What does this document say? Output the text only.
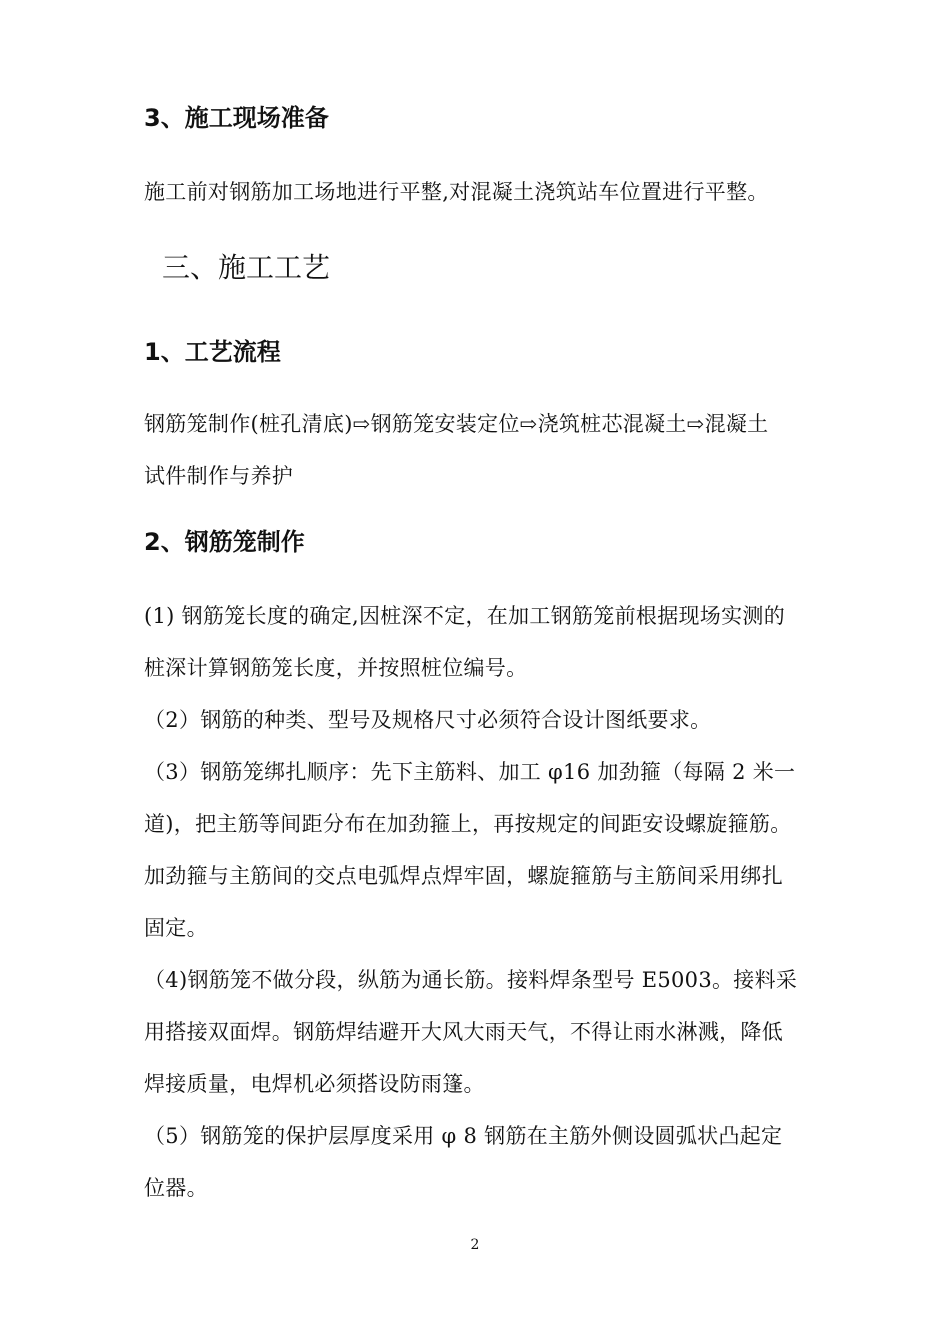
3、施工现场准备
施工前对钢筋加工场地进行平整,对混凝土浇筑站车位置进行平整。
三、施工工艺
1、工艺流程
钢筋笼制作(桩孔清底)⇨钢筋笼安装定位⇨浇筑桩芯混凝土⇨混凝土
试件制作与养护
2、钢筋笼制作
(1) 钢筋笼长度的确定,因桩深不定，在加工钢筋笼前根据现场实测的
桩深计算钢筋笼长度，并按照桩位编号。
（2）钢筋的种类、型号及规格尺寸必须符合设计图纸要求。
（3）钢筋笼绑扎顺序：先下主筋料、加工 φ16 加劲箍（每隔 2 米一
道)，把主筋等间距分布在加劲箍上，再按规定的间距安设螺旋箍筋。
加劲箍与主筋间的交点电弧焊点焊牢固，螺旋箍筋与主筋间采用绑扎
固定。
（4)钢筋笼不做分段，纵筋为通长筋。接料焊条型号 E5003。接料采
用搭接双面焊。钢筋焊结避开大风大雨天气，不得让雨水淋溅，降低
焊接质量，电焊机必须搭设防雨篷。
（5）钢筋笼的保护层厚度采用 φ 8 钢筋在主筋外侧设圆弧状凸起定
位器。
2
